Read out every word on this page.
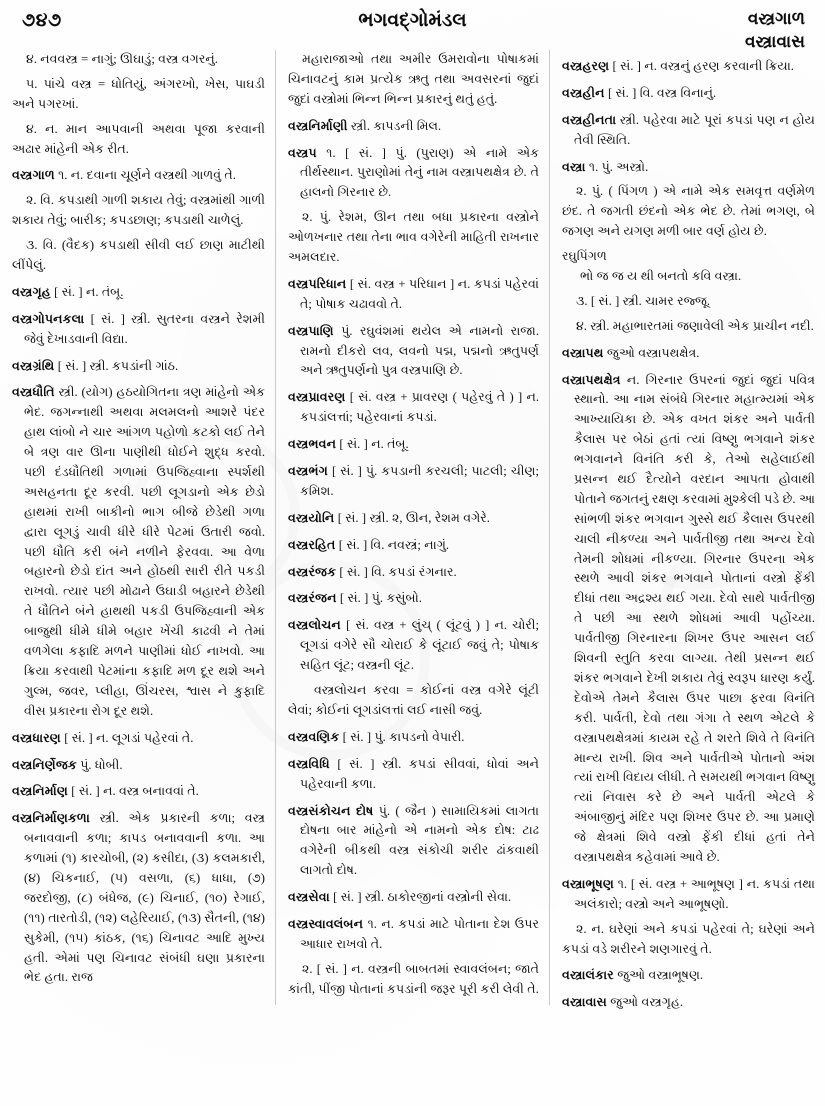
૭૪૭	ભગવદ્ગોમંડલ	વસ્ત્રગાળ
વસ્ત્રાવાસ

૪. નવવસ્ત્ર = નાગું; ઊઘાડું; વસ્ત્ર વગરનું.

૫. પાંચે વસ્ત્ર = ધોતિયું, અંગરખો, ખેસ, પાઘડી અને પગરખાં.

૪. ન. માન આપવાની અથવા પૂજા કરવાની અઢાર માંહેની એક રીત.

વસ્ત્રગાળ ૧. ન. દવાના ચૂર્ણને વસ્ત્રથી ગાળવું તે.

૨. વિ. કપડાથી ગાળી શકાય તેવું; વસ્ત્રમાંથી ગાળી શકાય તેવું; બારીક; કપડછાણ; કપડાથી ચાળેલું.

૩. વિ. (વૈદક) કપડાથી સીવી લઈ છાણ માટીથી લીંપેલું.

વસ્ત્રગૃહ [ સં. ] ન. તંબૂ.

વસ્ત્રગોપનકલા [ સં. ] સ્ત્રી. સુતરના વસ્ત્રને રેશમી જેવું દેખાડવાની વિદ્યા.

વસ્ત્રગ્રંથિ [ સં. ] સ્ત્રી. કપડાંની ગાંઠ.

વસ્ત્રધૌતિ સ્ત્રી. (યોગ) હઠયોગિતના ત્રણ માંહેનો એક ભેદ. જગન્નાથી અથવા મલમલનો આશરે પંદર હાથ લાંબો ને ચાર આંગળ પહોળો કટકો લઈ તેને બે ત્રણ વાર ઊના પાણીથી ધોઈને શુદ્ધ કરવો. પછી દંડધૌતિથી ગળામાં ઉપજિહ્વાના સ્પર્શથી અસહનતા દૂર કરવી. પછી લૂગડાનો એક છેડો હાથમાં રાખી બાકીનો ભાગ બીજે છેડેથી ગળા દ્વારા લૂગડું ચાવી ધીરે ધીરે પેટમાં ઉતારી જવો. પછી ધૌતિ કરી બંને નળીને ફેરવવા. આ વેળા બહારનો છેડો દાંત અને હોઠથી સારી રીતે પકડી રાખવો. ત્યાર પછી મોઢાને ઉઘાડી બહારને છેડેથી તે ધૌતિને બંને હાથથી પકડી ઉપજિહ્વાની એક બાજુથી ધીમે ધીમે બહાર ખેંચી કાઢવી ને તેમાં વળગેલા કફાદિ મળને પાણીમાં ધોઈ નાખવો. આ ક્રિયા કરવાથી પેટમાંના કફાદિ મળ દૂર થશે અને ગુલ્મ, જવર, પ્લીહા, ઊંચરસ, શ્વાસ ને કુફાદિ વીસ પ્રકારના રોગ દૂર થશે.

વસ્ત્રધારણ [ સં. ] ન. લૂગડાં પહેરવાં તે.

વસ્ત્રનિર્ણેજક પું. ધોબી.

વસ્ત્રનિર્માણ [ સં. ] ન. વસ્ત્ર બનાવવાં તે.

વસ્ત્રનિર્માણકળા સ્ત્રી. એક પ્રકારની કળા; વસ્ત્ર બનાવવાની કળા; કાપડ બનાવવાની કળા. આ કળામાં (૧) કારચોબી, (૨) કસીદા, (૩) કલમકારી, (૪) ચિકનાઈ, (૫) વસળા, (૬) ધાધા, (૭) જરદોજી, (૮) બંધેજ, (૯) ચિનાઈ, (૧૦) રેગાઈ, (૧૧) તારતોડી, (૧૨) લહેરિયાઈ, (૧૩) સૈતની, (૧૪) સુકેમી, (૧૫) કાંઠક, (૧૬) ચિનાવટ આદિ મુખ્ય હતી. એમાં પણ ચિનાવટ સંબંધી ઘણા પ્રકારના ભેદ હતા. રાજ

મહારાજાઓ તથા અમીર ઉમરાવોના પોષાકમાં ચિનાવટનું કામ પ્રત્યેક ઋતુ તથા અવસરનાં જુદાં જુદાં વસ્ત્રોમાં ભિન્ન ભિન્ન પ્રકારનું થતું હતું.

વસ્ત્રનિર્માણી સ્ત્રી. કાપડની મિલ.

વસ્ત્રપ ૧. [ સં. ] પું. (પુરાણ) એ નામે એક તીર્થસ્થાન. પુરાણોમાં તેનું નામ વસ્ત્રાપથક્ષેત્ર છે. તે હાલનો ગિરનાર છે.

૨. પું. રેશમ, ઊન તથા બધા પ્રકારના વસ્ત્રોને ઓળખનાર તથા તેના ભાવ વગેરેની માહિતી રાખનાર અમલદાર.

વસ્ત્રપરિધાન [ સં. વસ્ત્ર + પરિધાન ] ન. કપડાં પહેરવાં તે; પોષાક ચઢાવવો તે.

વસ્ત્રપાણિ પું. રઘુવંશમાં થયેલ એ નામનો રાજા. રામનો દીકરો લવ, લવનો પદ્મ, પદ્મનો ઋતુપર્ણ અને ઋતુપર્ણનો પુત્ર વસ્ત્રપાણિ છે.

વસ્ત્રપ્રાવરણ [ સં. વસ્ત્ર + પ્રાવરણ ( પહેરવું તે ) ] ન. કપડાંલત્તાં; પહેરવાનાં કપડાં.

વસ્ત્રભવન [ સં. ] ન. તંબૂ.

વસ્ત્રભંગ [ સં. ] પું. કપડાની કરચલી; પાટલી; ચીણ; કમિશ.

વસ્ત્રયોનિ [ સં. ] સ્ત્રી. ૨, ઊન, રેશમ વગેરે.

વસ્ત્રરહિત [ સં. ] વિ. નવસ્ત્રં; નાગું.

વસ્ત્રરંજક [ સં. ] વિ. કપડાં રંગનાર.

વસ્ત્રરંજન [ સં. ] પું. કસુંબો.

વસ્ત્રલોચન [ સં. વસ્ત્ર + લુંચ્ ( લૂંટવું ) ] ન. ચોરી; લૂગડાં વગેરે સૌ ચોરાઈ કે લૂંટાઈ જવું તે; પોષાક સહિત લૂંટ; વસ્ત્રની લૂંટ.

વસ્ત્રલોચન કરવા = કોઈનાં વસ્ત્ર વગેરે લૂંટી લેવાં; કોઈનાં લૂગડાંલત્તાં લઈ નાસી જવું.

વસ્ત્રવણિક [ સં. ] પું. કાપડનો વેપારી.

વસ્ત્રવિધિ [ સં. ] સ્ત્રી. કપડાં સીવવાં, ધોવાં અને પહેરવાની કળા.

વસ્ત્રસંકોચન દોષ પું. ( જૈન ) સામાયિકમાં લાગતા દોષના બાર માંહેનો એ નામનો એક દોષ: ટાઢ વગેરેની બીકથી વસ્ત્ર સંકોચી શરીર ઢાંકવાથી લાગતો દોષ.

વસ્ત્રસેવા [ સં. ] સ્ત્રી. ઠાકોરજીનાં વસ્ત્રોની સેવા.

વસ્ત્રસ્વાવલંબન ૧. ન. કપડાં માટે પોતાના દેશ ઉપર આધાર રાખવો તે.

૨. [ સં. ] ન. વસ્ત્રની બાબતમાં સ્વાવલંબન; જાતે કાંતી, પીંજી પોતાનાં કપડાંની જરૂર પૂરી કરી લેવી તે.

વસ્ત્રહરણ [ સં. ] ન. વસ્ત્રનું હરણ કરવાની ક્રિયા.

વસ્ત્રહીન [ સં. ] વિ. વસ્ત્ર વિનાનું.

વસ્ત્રહીનતા સ્ત્રી. પહેરવા માટે પૂરાં કપડાં પણ ન હોય તેવી સ્થિતિ.

વસ્ત્રા ૧. પું. અસ્ત્રો.

૨. પું. ( પિંગળ ) એ નામે એક સમવૃત્ત વર્ણમેળ છંદ. તે જગતી છંદનો એક ભેદ છે. તેમાં ભગણ, બે જગણ અને યગણ મળી બાર વર્ણ હોય છે.

રઘુપિંગળ
ભો જ જ ય થી બનતો કવિ વસ્ત્રા.

૩. [ સં. ] સ્ત્રી. ચામર રજ્જૂ.

૪. સ્ત્રી. મહાભારતમાં જણાવેલી એક પ્રાચીન નદી.

વસ્ત્રાપથ જુઓ વસ્ત્રાપથક્ષેત્ર.

વસ્ત્રાપથક્ષેત્ર ન. ગિરનાર ઉપરનાં જુદાં જુદાં પવિત્ર સ્થાનો. આ નામ સંબંધે ગિરનાર મહાત્મ્યમાં એક આખ્યાયિકા છે. એક વખત શંકર અને પાર્વતી કૈલાસ પર બેઠાં હતાં ત્યાં વિષ્ણુ ભગવાને શંકર ભગવાનને વિનંતિ કરી કે, તેઓ સહેલાઈથી પ્રસન્ન થઈ દૈત્યોને વરદાન આપતા હોવાથી પોતાને જગતનું રક્ષણ કરવામાં મુશ્કેલી પડે છે. આ સાંભળી શંકર ભગવાન ગુસ્સે થઈ કૈલાસ ઉપરથી ચાલી નીકળ્યા અને પાર્વતીજી તથા અન્ય દેવો તેમની શોધમાં નીકળ્યા. ગિરનાર ઉપરના એક સ્થળે આવી શંકર ભગવાને પોતાનાં વસ્ત્રો ફેંકી દીધાં તથા અદ્રશ્ય થઈ ગયા. દેવો સાથે પાર્વતીજી તે પછી આ સ્થળે શોધમાં આવી પહોંચ્યા. પાર્વતીજી ગિરનારના શિખર ઉપર આસન લઈ શિવની સ્તુતિ કરવા લાગ્યા. તેથી પ્રસન્ન થઈ શંકર ભગવાને દેખી શકાય તેવું સ્વરૂપ ધારણ કર્યું. દેવોએ તેમને કૈલાસ ઉપર પાછા ફરવા વિનંતિ કરી. પાર્વતી, દેવો તથા ગંગા તે સ્થળ એટલે કે વસ્ત્રાપથક્ષેત્રમાં કાયમ રહે તે શરતે શિવે તે વિનંતિ માન્ય રાખી. શિવ અને પાર્વતીએ પોતાનો અંશ ત્યાં રાખી વિદાય લીધી. તે સમયથી ભગવાન વિષ્ણુ ત્યાં નિવાસ કરે છે અને પાર્વતી એટલે કે અંબાજીનું મંદિર પણ શિખર ઉપર છે. આ પ્રમાણે જે ક્ષેત્રમાં શિવે વસ્ત્રો ફેંકી દીધાં હતાં તેને વસ્ત્રાપથક્ષેત્ર કહેવામાં આવે છે.

વસ્ત્રાભૂષણ ૧. [ સં. વસ્ત્ર + આભૂષણ ] ન. કપડાં તથા અલંકારો; વસ્ત્રો અને આભૂષણો.

૨. ન. ઘરેણાં અને કપડાં પહેરવાં તે; ઘરેણાં અને કપડાં વડે શરીરને શણગારવું તે.

વસ્ત્રાલંકાર જુઓ વસ્ત્રાભૂષણ.

વસ્ત્રાવાસ જુઓ વસ્ત્રગૃહ.
